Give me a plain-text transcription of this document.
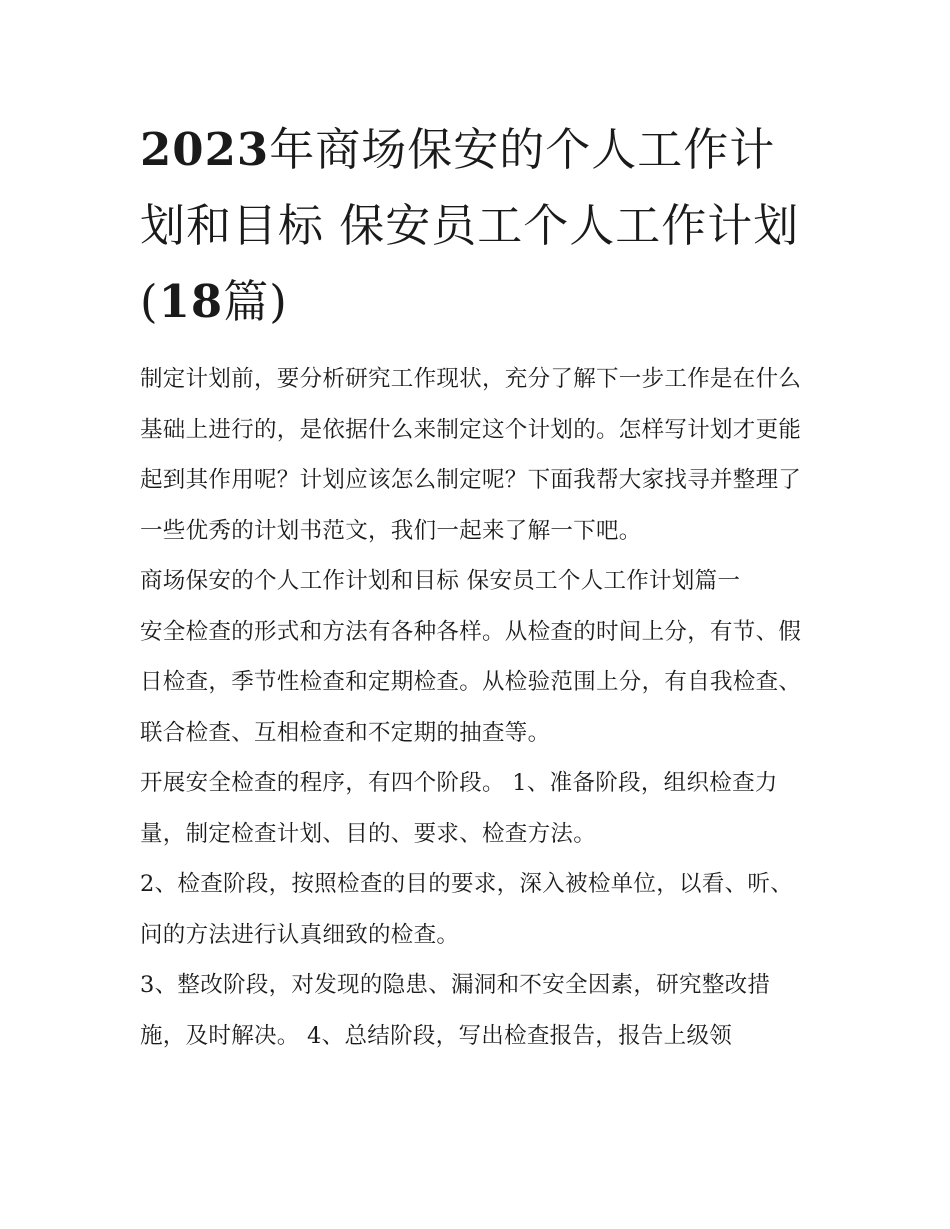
2023年商场保安的个人工作计划和目标 保安员工个人工作计划(18篇)

制定计划前，要分析研究工作现状，充分了解下一步工作是在什么基础上进行的，是依据什么来制定这个计划的。怎样写计划才更能起到其作用呢？计划应该怎么制定呢？下面我帮大家找寻并整理了一些优秀的计划书范文，我们一起来了解一下吧。

商场保安的个人工作计划和目标 保安员工个人工作计划篇一

安全检查的形式和方法有各种各样。从检查的时间上分，有节、假日检查，季节性检查和定期检查。从检验范围上分，有自我检查、联合检查、互相检查和不定期的抽查等。

开展安全检查的程序，有四个阶段。 1、准备阶段，组织检查力量，制定检查计划、目的、要求、检查方法。

2、检查阶段，按照检查的目的要求，深入被检单位，以看、听、问的方法进行认真细致的检查。

3、整改阶段，对发现的隐患、漏洞和不安全因素，研究整改措施，及时解决。 4、总结阶段，写出检查报告，报告上级领
